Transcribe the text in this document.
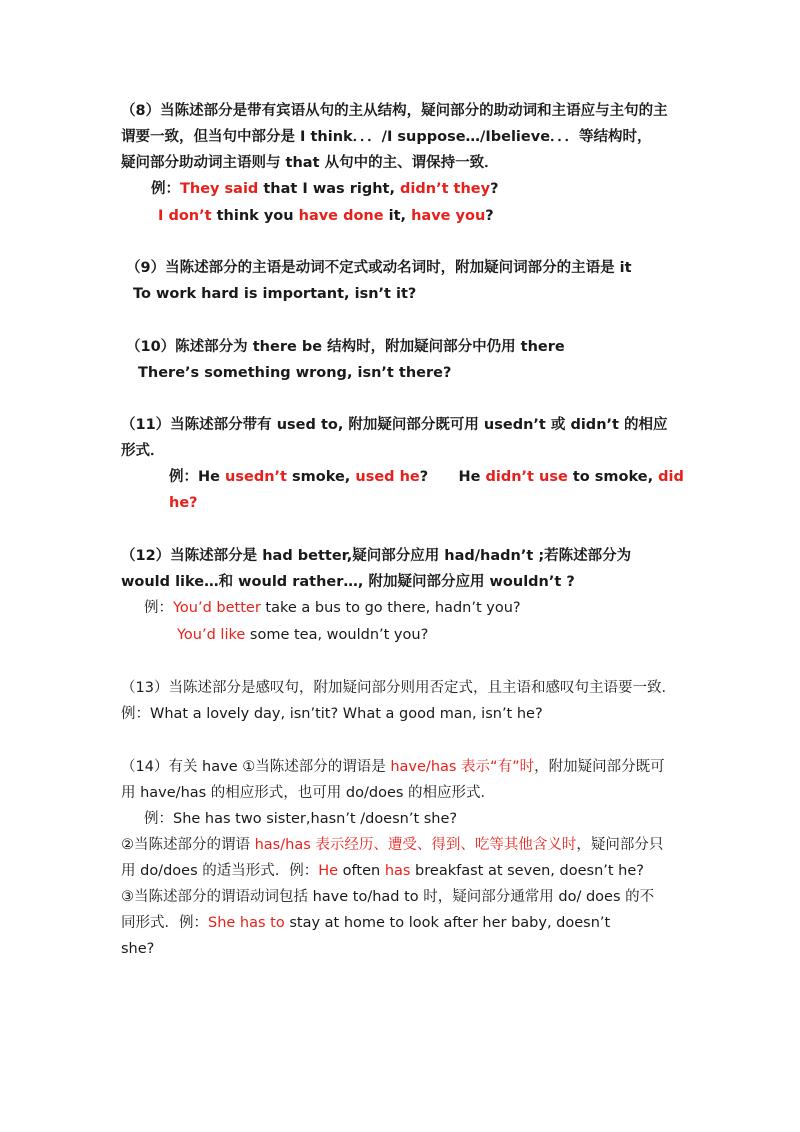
（8）当陈述部分是带有宾语从句的主从结构，疑问部分的助动词和主语应与主句的主
谓要一致，但当句中部分是 I think．．．/I suppose…/Ibelieve．．．等结构时，
疑问部分助动词主语则与 that 从句中的主、谓保持一致．
例：They said that I was right, didn’t they?
I don’t think you have done it, have you?
（9）当陈述部分的主语是动词不定式或动名词时，附加疑问词部分的主语是 it
To work hard is important, isn’t it?
（10）陈述部分为 there be 结构时，附加疑问部分中仍用 there
There’s something wrong, isn’t there?
（11）当陈述部分带有 used to, 附加疑问部分既可用 usedn’t 或 didn’t 的相应
形式．
例：He usedn’t smoke, used he?      He didn’t use to smoke, did
he?
（12）当陈述部分是 had better,疑问部分应用 had/hadn’t ;若陈述部分为
would like…和 would rather…, 附加疑问部分应用 wouldn’t ?
例：You’d better take a bus to go there, hadn’t you?
You’d like some tea, wouldn’t you?
（13）当陈述部分是感叹句，附加疑问部分则用否定式，且主语和感叹句主语要一致．
例：What a lovely day, isn’tit? What a good man, isn’t he?
（14）有关 have ①当陈述部分的谓语是 have/has 表示“有”时，附加疑问部分既可
用 have/has 的相应形式，也可用 do/does 的相应形式．
例：She has two sister,hasn’t /doesn’t she?
②当陈述部分的谓语 has/has 表示经历、遭受、得到、吃等其他含义时，疑问部分只
用 do/does 的适当形式．例：He often has breakfast at seven, doesn’t he?
③当陈述部分的谓语动词包括 have to/had to 时，疑问部分通常用 do/ does 的不
同形式．例：She has to stay at home to look after her baby, doesn’t
she?
